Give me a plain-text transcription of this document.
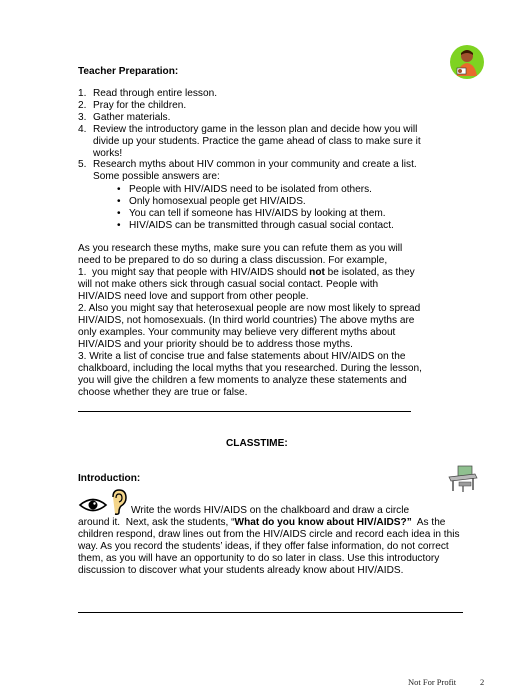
Teacher Preparation:
1. Read through entire lesson.
2. Pray for the children.
3. Gather materials.
4. Review the introductory game in the lesson plan and decide how you will
divide up your students. Practice the game ahead of class to make sure it
works!
5. Research myths about HIV common in your community and create a list.
Some possible answers are:
• People with HIV/AIDS need to be isolated from others.
• Only homosexual people get HIV/AIDS.
• You can tell if someone has HIV/AIDS by looking at them.
• HIV/AIDS can be transmitted through casual social contact.
As you research these myths, make sure you can refute them as you will
need to be prepared to do so during a class discussion. For example,
1.  you might say that people with HIV/AIDS should not be isolated, as they
will not make others sick through casual social contact. People with
HIV/AIDS need love and support from other people.
2. Also you might say that heterosexual people are now most likely to spread
HIV/AIDS, not homosexuals. (In third world countries) The above myths are
only examples. Your community may believe very different myths about
HIV/AIDS and your priority should be to address those myths.
3. Write a list of concise true and false statements about HIV/AIDS on the
chalkboard, including the local myths that you researched. During the lesson,
you will give the children a few moments to analyze these statements and
choose whether they are true or false.
CLASSTIME:
Introduction:
Write the words HIV/AIDS on the chalkboard and draw a circle
around it.  Next, ask the students, “What do you know about HIV/AIDS?”  As the
children respond, draw lines out from the HIV/AIDS circle and record each idea in this
way. As you record the students’ ideas, if they offer false information, do not correct
them, as you will have an opportunity to do so later in class. Use this introductory
discussion to discover what your students already know about HIV/AIDS.
Not For Profit	2
